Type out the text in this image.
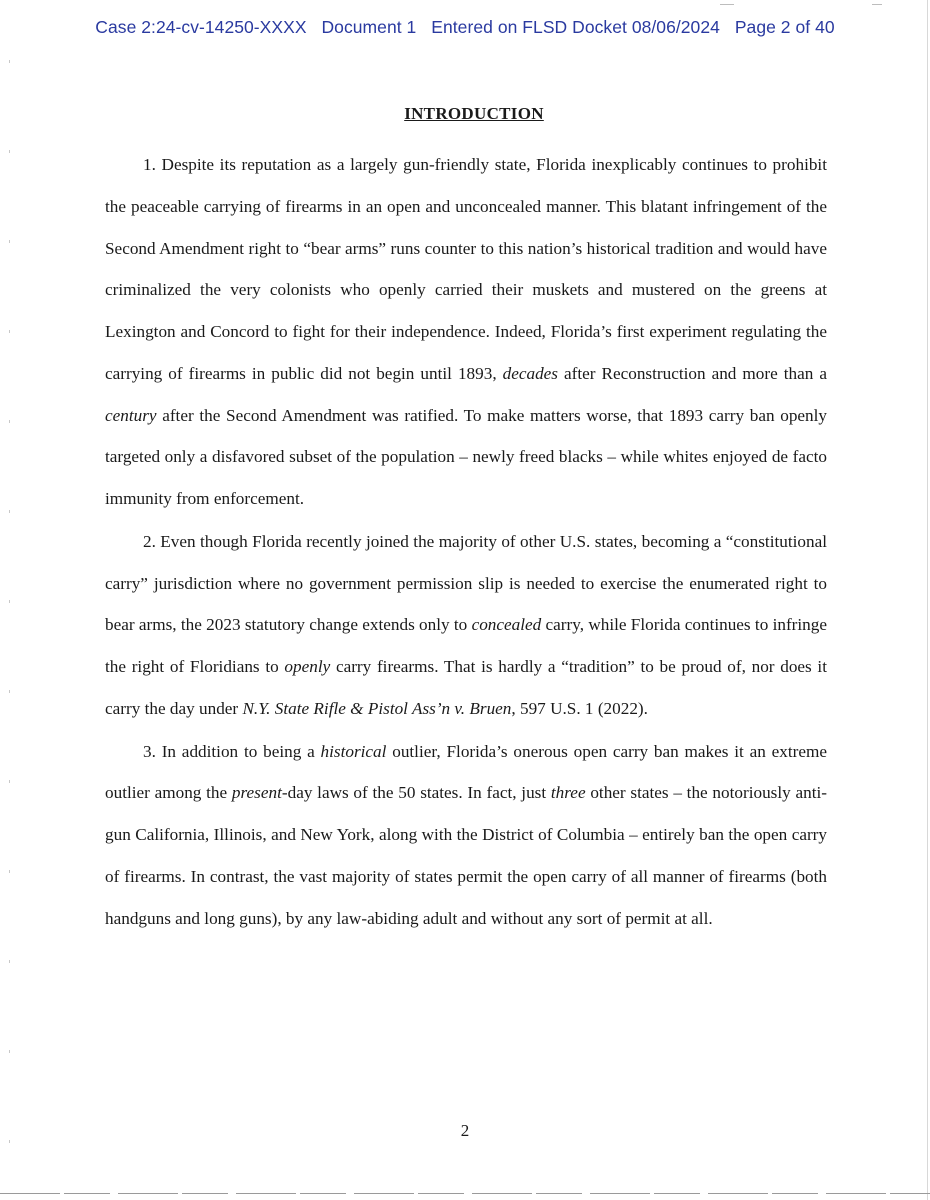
Case 2:24-cv-14250-XXXX Document 1 Entered on FLSD Docket 08/06/2024 Page 2 of 40
INTRODUCTION

1. Despite its reputation as a largely gun-friendly state, Florida inexplicably continues to prohibit the peaceable carrying of firearms in an open and unconcealed manner. This blatant infringement of the Second Amendment right to “bear arms” runs counter to this nation’s historical tradition and would have criminalized the very colonists who openly carried their muskets and mustered on the greens at Lexington and Concord to fight for their independence. Indeed, Florida’s first experiment regulating the carrying of firearms in public did not begin until 1893, decades after Reconstruction and more than a century after the Second Amendment was ratified. To make matters worse, that 1893 carry ban openly targeted only a disfavored subset of the population – newly freed blacks – while whites enjoyed de facto immunity from enforcement.

2. Even though Florida recently joined the majority of other U.S. states, becoming a “constitutional carry” jurisdiction where no government permission slip is needed to exercise the enumerated right to bear arms, the 2023 statutory change extends only to concealed carry, while Florida continues to infringe the right of Floridians to openly carry firearms. That is hardly a “tradition” to be proud of, nor does it carry the day under N.Y. State Rifle & Pistol Ass’n v. Bruen, 597 U.S. 1 (2022).

3. In addition to being a historical outlier, Florida’s onerous open carry ban makes it an extreme outlier among the present-day laws of the 50 states. In fact, just three other states – the notoriously anti-gun California, Illinois, and New York, along with the District of Columbia – entirely ban the open carry of firearms. In contrast, the vast majority of states permit the open carry of all manner of firearms (both handguns and long guns), by any law-abiding adult and without any sort of permit at all.

2
